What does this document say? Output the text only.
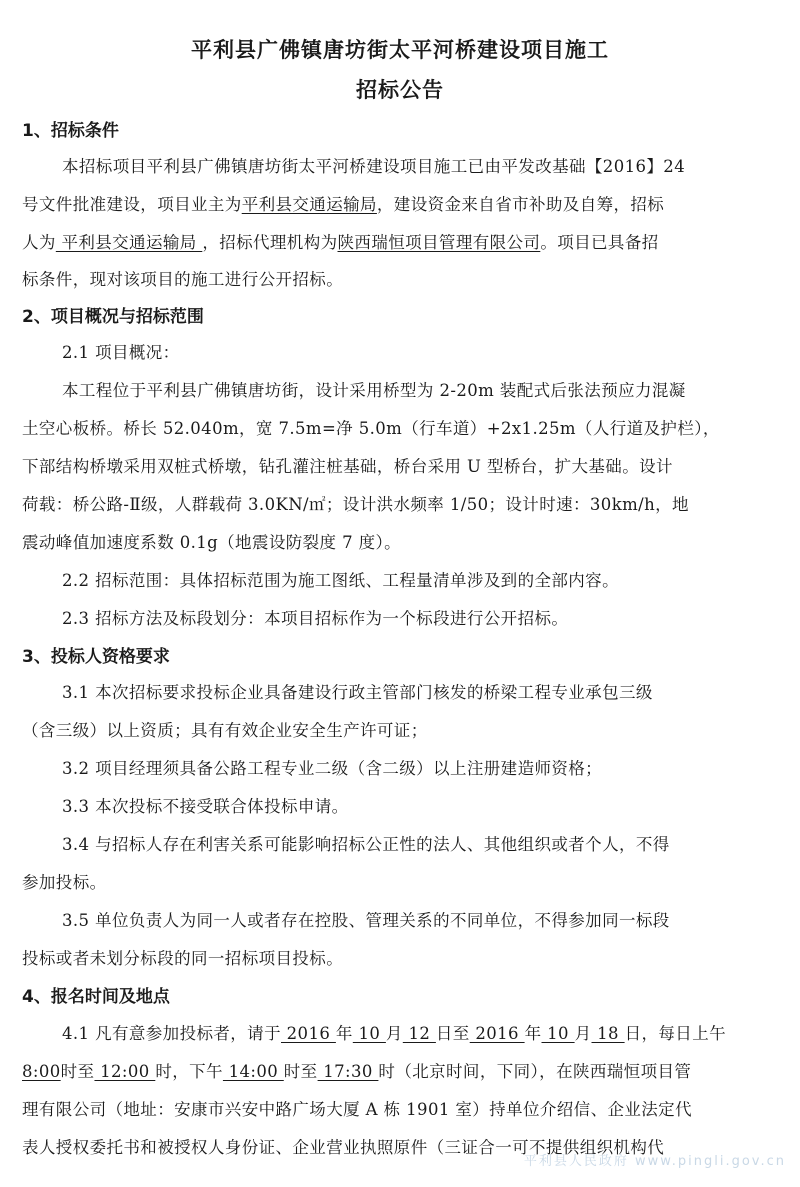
平利县广佛镇唐坊街太平河桥建设项目施工
招标公告
1、招标条件
本招标项目平利县广佛镇唐坊街太平河桥建设项目施工已由平发改基础【2016】24
号文件批准建设，项目业主为平利县交通运输局，建设资金来自省市补助及自筹，招标
人为 平利县交通运输局 ，招标代理机构为陕西瑞恒项目管理有限公司。项目已具备招
标条件，现对该项目的施工进行公开招标。
2、项目概况与招标范围
2.1 项目概况：
本工程位于平利县广佛镇唐坊街，设计采用桥型为 2-20m 装配式后张法预应力混凝
土空心板桥。桥长 52.040m，宽 7.5m=净 5.0m（行车道）+2x1.25m（人行道及护栏），
下部结构桥墩采用双桩式桥墩，钻孔灌注桩基础，桥台采用 U 型桥台，扩大基础。设计
荷载：桥公路-Ⅱ级，人群载荷 3.0KN/㎡；设计洪水频率 1/50；设计时速：30km/h，地
震动峰值加速度系数 0.1g（地震设防裂度 7 度）。
2.2 招标范围：具体招标范围为施工图纸、工程量清单涉及到的全部内容。
2.3 招标方法及标段划分：本项目招标作为一个标段进行公开招标。
3、投标人资格要求
3.1 本次招标要求投标企业具备建设行政主管部门核发的桥梁工程专业承包三级
（含三级）以上资质；具有有效企业安全生产许可证；
3.2 项目经理须具备公路工程专业二级（含二级）以上注册建造师资格；
3.3 本次投标不接受联合体投标申请。
3.4 与招标人存在利害关系可能影响招标公正性的法人、其他组织或者个人，不得
参加投标。
3.5 单位负责人为同一人或者存在控股、管理关系的不同单位，不得参加同一标段
投标或者未划分标段的同一招标项目投标。
4、报名时间及地点
4.1 凡有意参加投标者，请于 2016 年 10 月 12 日至 2016 年 10 月 18 日，每日上午
8:00时至 12:00 时，下午 14:00 时至 17:30 时（北京时间，下同），在陕西瑞恒项目管
理有限公司（地址：安康市兴安中路广场大厦 A 栋 1901 室）持单位介绍信、企业法定代
表人授权委托书和被授权人身份证、企业营业执照原件（三证合一可不提供组织机构代
平利县人民政府 www.pingli.gov.cn
